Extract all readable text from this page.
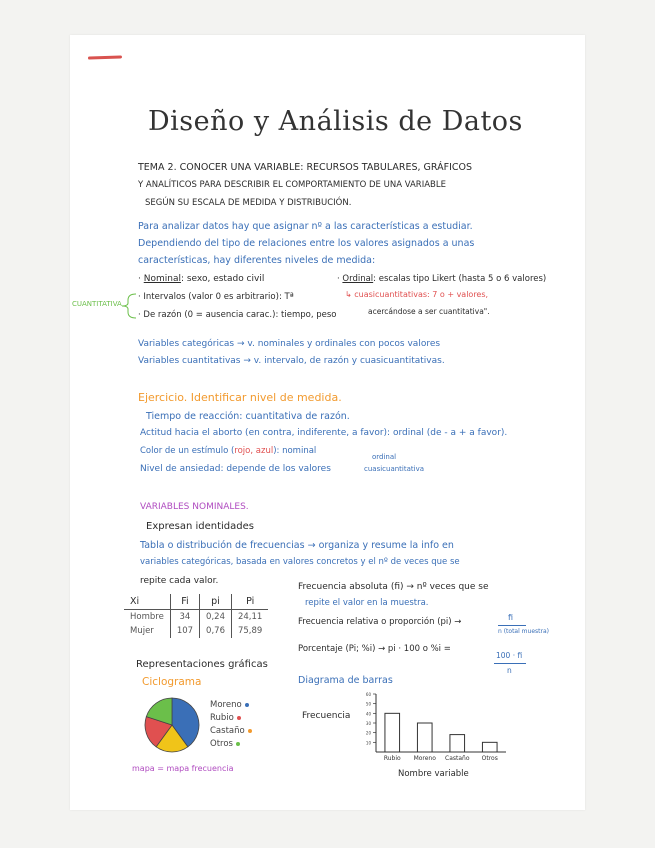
Diseño y Análisis de Datos
TEMA 2. CONOCER UNA VARIABLE: RECURSOS TABULARES, GRÁFICOS
Y ANALÍTICOS PARA DESCRIBIR EL COMPORTAMIENTO DE UNA VARIABLE
SEGÚN SU ESCALA DE MEDIDA Y DISTRIBUCIÓN.
Para analizar datos hay que asignar nº a las características a estudiar.
Dependiendo del tipo de relaciones entre los valores asignados a unas
características, hay diferentes niveles de medida:
· Nominal: sexo, estado civil	· Ordinal: escalas tipo Likert (hasta 5 o 6 valores)
· Intervalos (valor 0 es arbitrario): Tª	↳ cuasicuantitativas: 7 o + valores,
acercándose a ser cuantitativa".
· De razón (0 = ausencia carac.): tiempo, peso
CUANTITATIVA
Variables categóricas → v. nominales y ordinales con pocos valores
Variables cuantitativas → v. intervalo, de razón y cuasicuantitativas.
Ejercicio. Identificar nivel de medida.
Tiempo de reacción: cuantitativa de razón.
Actitud hacia el aborto (en contra, indiferente, a favor): ordinal (de - a + a favor).
Color de un estímulo (rojo, azul): nominal
Nivel de ansiedad: depende de los valores
ordinal
cuasicuantitativa
VARIABLES NOMINALES.
Expresan identidades
Tabla o distribución de frecuencias → organiza y resume la info en
variables categóricas, basada en valores concretos y el nº de veces que se
repite cada valor.
Xi	Fi	pi	Pi
Hombre	34	0,24	24,11
Mujer	107	0,76	75,89
Frecuencia absoluta (fi) → nº veces que se
repite el valor en la muestra.
Frecuencia relativa o proporción (pi) →	fi
n (total muestra)
Porcentaje (Pi; %i) → pi · 100 o %i =
100 · fi
n
Representaciones gráficas
Ciclograma	Diagrama de barras
Moreno
Rubio
Castaño
Otros
mapa = mapa frecuencia
Frecuencia
10
20
30
40
50
60
Rubio Moreno Castaño Otros
Nombre variable
